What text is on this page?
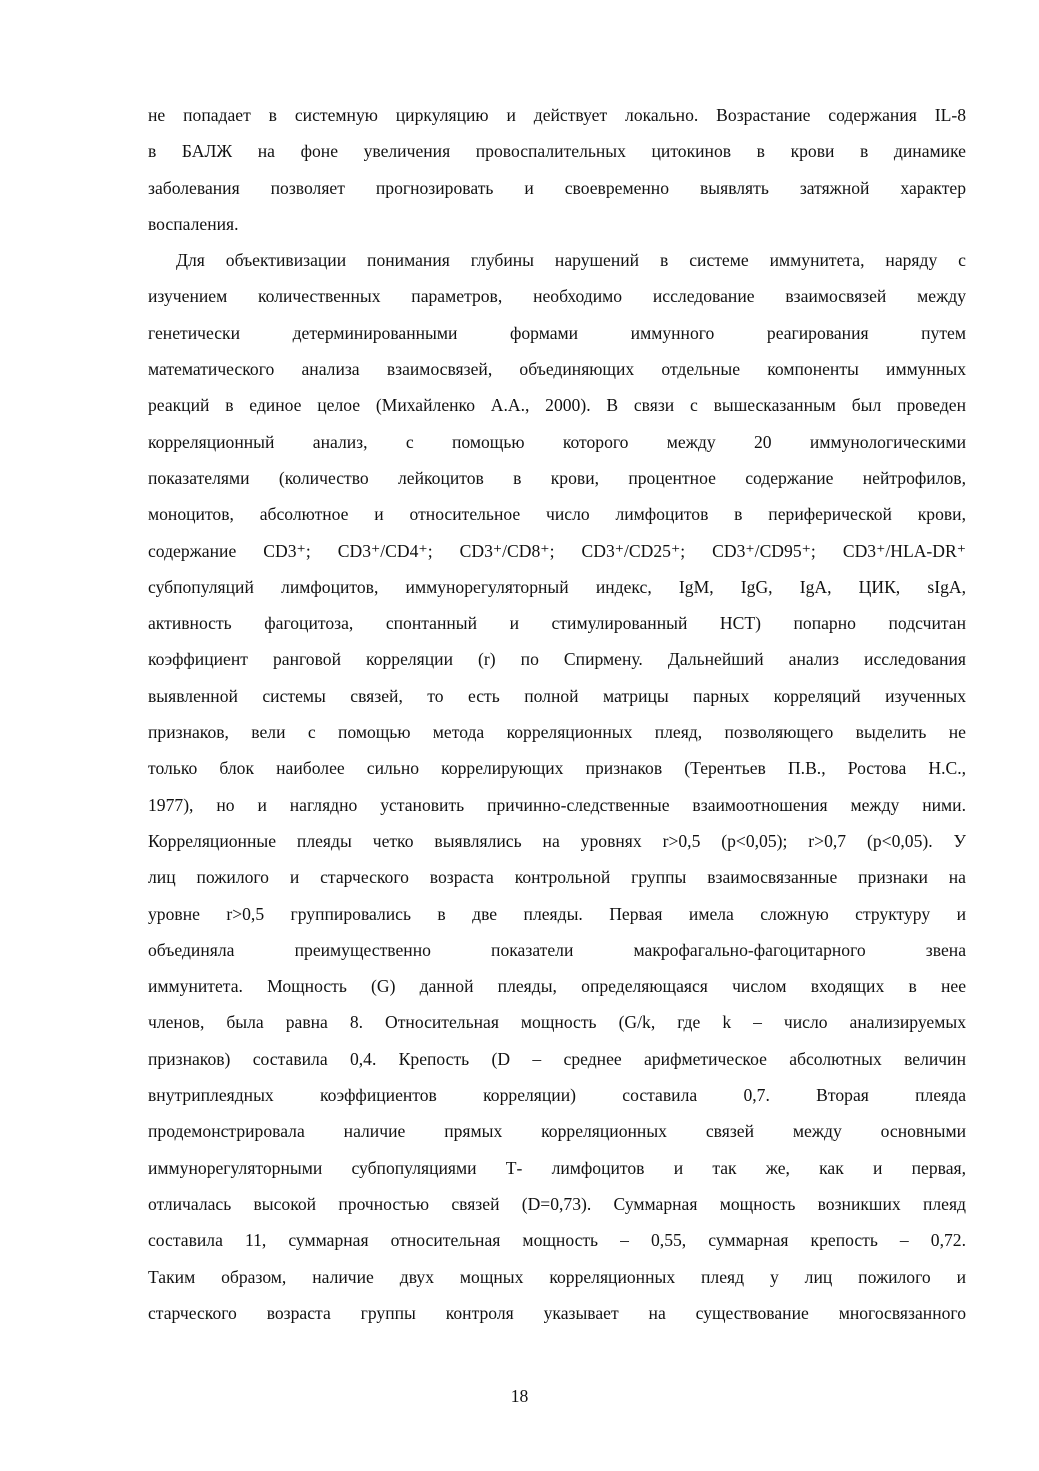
не попадает в системную циркуляцию и действует локально. Возрастание содержания IL-8
в БАЛЖ на фоне увеличения провоспалительных цитокинов в крови в динамике
заболевания позволяет прогнозировать и своевременно выявлять затяжной характер
воспаления.
Для объективизации понимания глубины нарушений в системе иммунитета, наряду с
изучением количественных параметров, необходимо исследование взаимосвязей между
генетически детерминированными формами иммунного реагирования путем
математического анализа взаимосвязей, объединяющих отдельные компоненты иммунных
реакций в единое целое (Михайленко А.А., 2000). В связи с вышесказанным был проведен
корреляционный анализ, с помощью которого между 20 иммунологическими
показателями (количество лейкоцитов в крови, процентное содержание нейтрофилов,
моноцитов, абсолютное и относительное число лимфоцитов в периферической крови,
содержание CD3⁺; CD3⁺/CD4⁺; CD3⁺/CD8⁺; CD3⁺/CD25⁺; CD3⁺/CD95⁺; CD3⁺/HLA-DR⁺
субпопуляций лимфоцитов, иммунорегуляторный индекс, IgM, IgG, IgA, ЦИК, sIgA,
активность фагоцитоза, спонтанный и стимулированный НСТ) попарно подсчитан
коэффициент ранговой корреляции (r) по Спирмену. Дальнейший анализ исследования
выявленной системы связей, то есть полной матрицы парных корреляций изученных
признаков, вели с помощью метода корреляционных плеяд, позволяющего выделить не
только блок наиболее сильно коррелирующих признаков (Терентьев П.В., Ростова Н.С.,
1977), но и наглядно установить причинно-следственные взаимоотношения между ними.
Корреляционные плеяды четко выявлялись на уровнях r>0,5 (p<0,05); r>0,7 (p<0,05). У
лиц пожилого и старческого возраста контрольной группы взаимосвязанные признаки на
уровне r>0,5 группировались в две плеяды. Первая имела сложную структуру и
объединяла преимущественно показатели макрофагально-фагоцитарного звена
иммунитета. Мощность (G) данной плеяды, определяющаяся числом входящих в нее
членов, была равна 8. Относительная мощность (G/k, где k – число анализируемых
признаков) составила 0,4. Крепость (D – среднее арифметическое абсолютных величин
внутриплеядных коэффициентов корреляции) составила 0,7. Вторая плеяда
продемонстрировала наличие прямых корреляционных связей между основными
иммунорегуляторными субпопуляциями Т- лимфоцитов и так же, как и первая,
отличалась высокой прочностью связей (D=0,73). Суммарная мощность возникших плеяд
составила 11, суммарная относительная мощность – 0,55, суммарная крепость – 0,72.
Таким образом, наличие двух мощных корреляционных плеяд у лиц пожилого и
старческого возраста группы контроля указывает на существование многосвязанного
18
